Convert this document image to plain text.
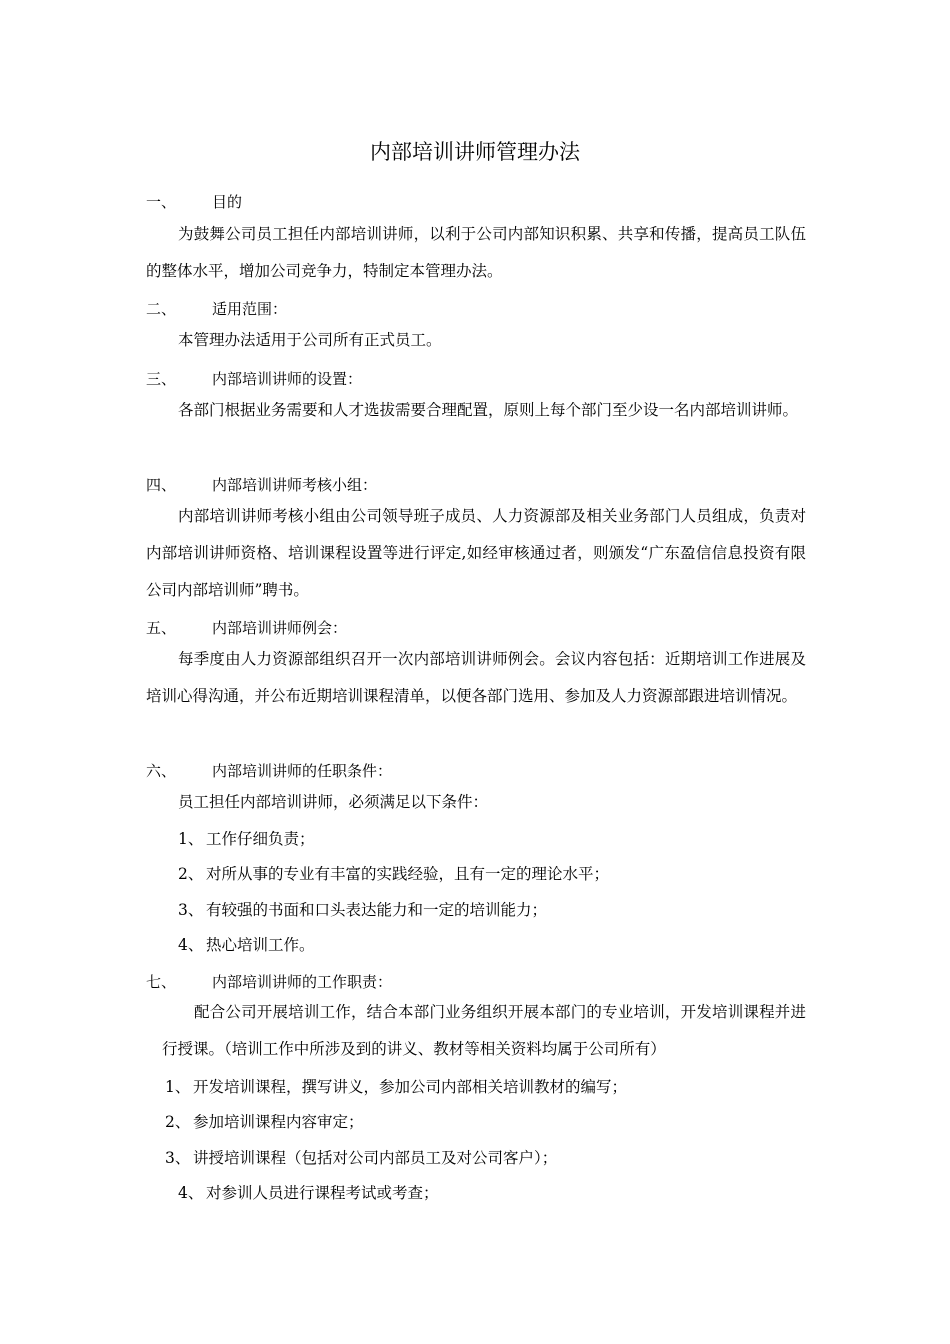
内部培训讲师管理办法
一、 目的

为鼓舞公司员工担任内部培训讲师，以利于公司内部知识积累、共享和传播，提高员工队伍的整体水平，增加公司竞争力，特制定本管理办法。

二、 适用范围：

本管理办法适用于公司所有正式员工。

三、 内部培训讲师的设置：

各部门根据业务需要和人才选拔需要合理配置，原则上每个部门至少设一名内部培训讲师。

四、 内部培训讲师考核小组：

内部培训讲师考核小组由公司领导班子成员、人力资源部及相关业务部门人员组成，负责对内部培训讲师资格、培训课程设置等进行评定,如经审核通过者，则颁发“广东盈信信息投资有限公司内部培训师”聘书。

五、 内部培训讲师例会：

每季度由人力资源部组织召开一次内部培训讲师例会。会议内容包括：近期培训工作进展及培训心得沟通，并公布近期培训课程清单，以便各部门选用、参加及人力资源部跟进培训情况。

六、 内部培训讲师的任职条件：

员工担任内部培训讲师，必须满足以下条件：

1、 工作仔细负责；
2、 对所从事的专业有丰富的实践经验，且有一定的理论水平；
3、 有较强的书面和口头表达能力和一定的培训能力；
4、 热心培训工作。
七、 内部培训讲师的工作职责：

配合公司开展培训工作，结合本部门业务组织开展本部门的专业培训，开发培训课程并进行授课。（培训工作中所涉及到的讲义、教材等相关资料均属于公司所有）

1、 开发培训课程，撰写讲义，参加公司内部相关培训教材的编写；
2、 参加培训课程内容审定；
3、 讲授培训课程（包括对公司内部员工及对公司客户）；
4、 对参训人员进行课程考试或考查；
